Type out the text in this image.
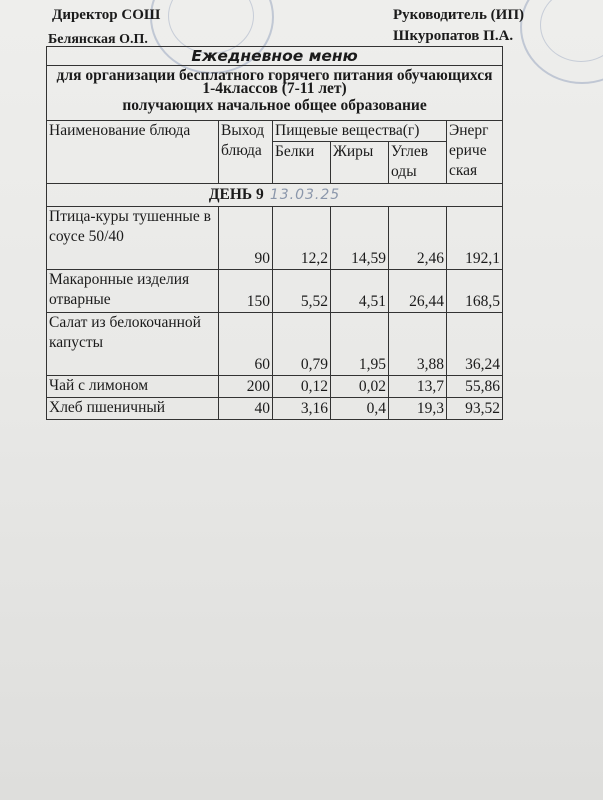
Директор СОШ
Белянская О.П.
Руководитель (ИП)
Шкуропатов П.А.
Ежедневное меню					

для организации бесплатного горячего питания обучающихся 1-4классов (7-11 лет)
получающих начальное общее образование					

Наименование блюда	Выход блюда	Пищевые вещества(г)			Энерг ериче ская
		Белки	Жиры	Углев оды	
ДЕНЬ 9 13.03.25					
Птица-куры тушенные в соусе 50/40	90	12,2	14,59	2,46	192,1
Макаронные изделия отварные	150	5,52	4,51	26,44	168,5
Салат из белокочанной капусты	60	0,79	1,95	3,88	36,24
Чай с лимоном	200	0,12	0,02	13,7	55,86
Хлеб пшеничный	40	3,16	0,4	19,3	93,52
